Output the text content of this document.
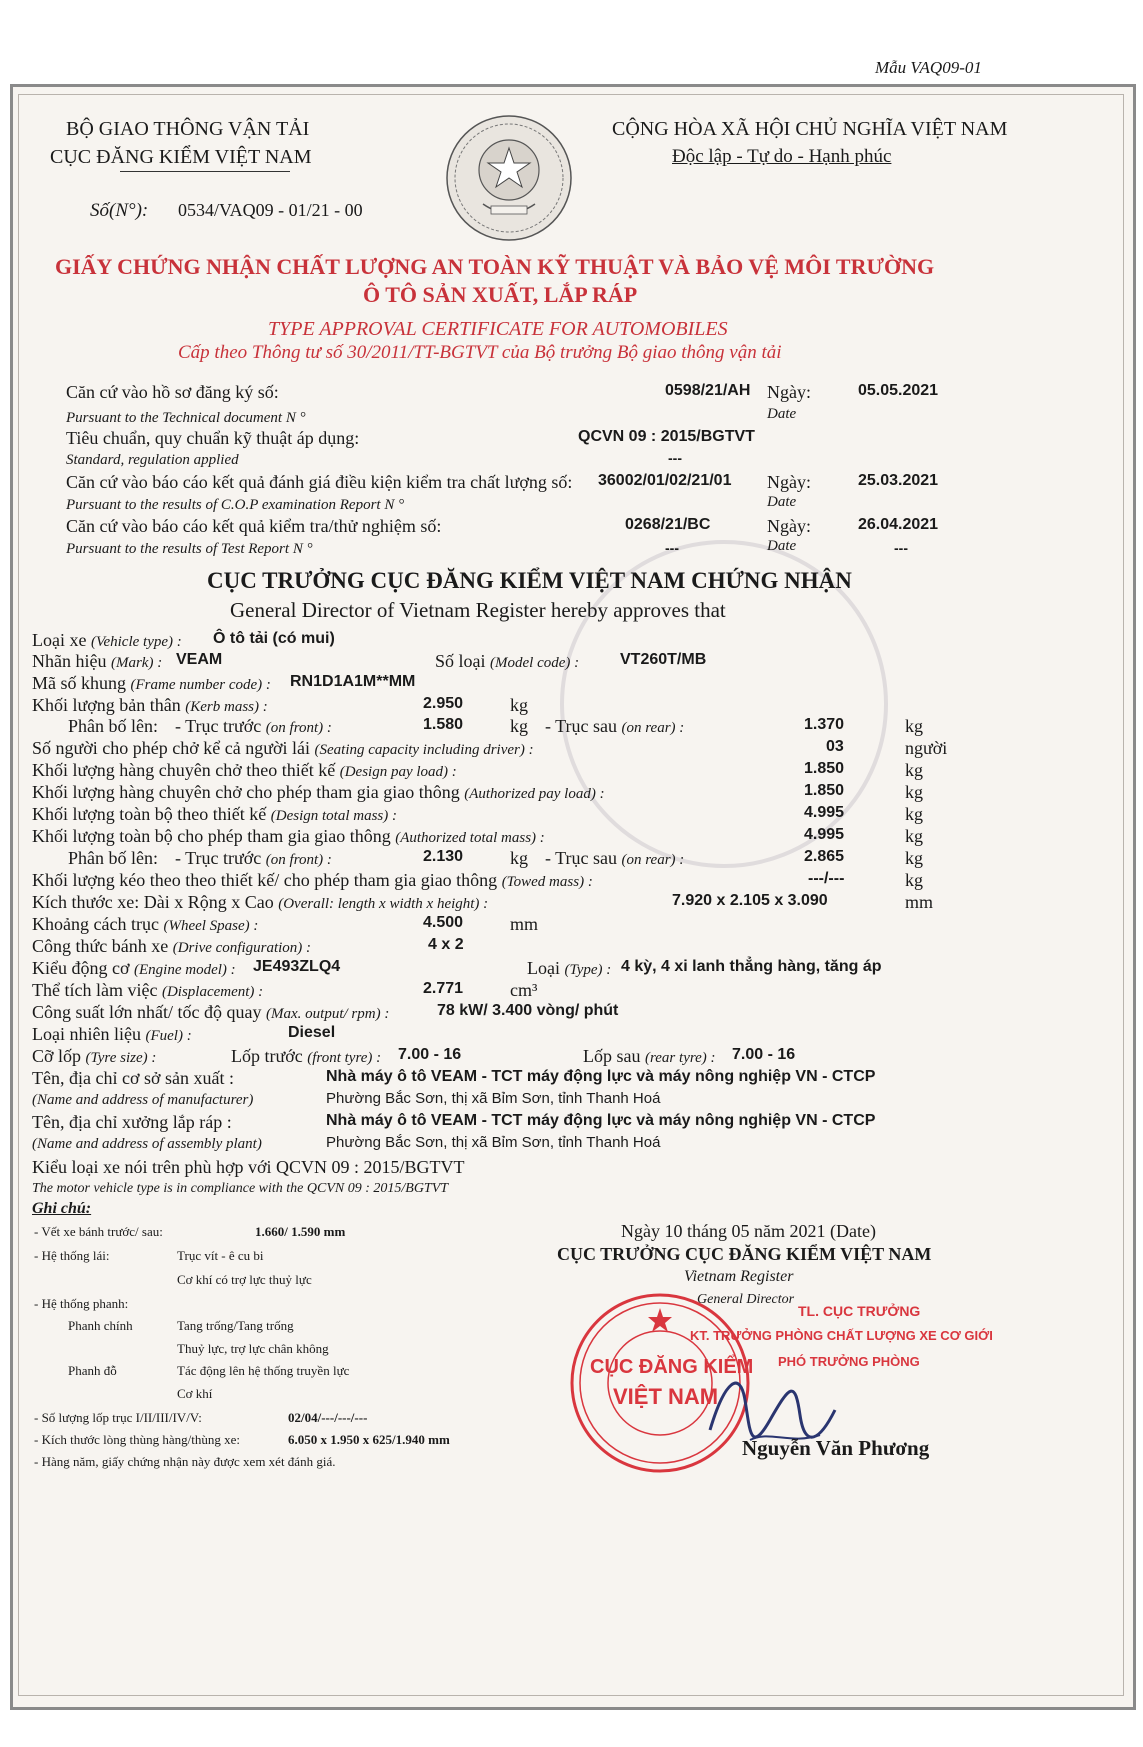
Mẫu VAQ09-01
BỘ GIAO THÔNG VẬN TẢI
CỤC ĐĂNG KIỂM VIỆT NAM
CỘNG HÒA XÃ HỘI CHỦ NGHĨA VIỆT NAM
Độc lập - Tự do - Hạnh phúc
Số(N°): 0534/VAQ09 - 01/21 - 00
GIẤY CHỨNG NHẬN CHẤT LƯỢNG AN TOÀN KỸ THUẬT VÀ BẢO VỆ MÔI TRƯỜNG
Ô TÔ SẢN XUẤT, LẮP RÁP
TYPE APPROVAL CERTIFICATE FOR AUTOMOBILES
Cấp theo Thông tư số 30/2011/TT-BGTVT của Bộ trưởng Bộ giao thông vận tải
Căn cứ vào hồ sơ đăng ký số:	0598/21/AH Ngày:	05.05.2021
Pursuant to the Technical document N °	Date
Tiêu chuẩn, quy chuẩn kỹ thuật áp dụng:	QCVN 09 : 2015/BGTVT
Standard, regulation applied	---
Căn cứ vào báo cáo kết quả đánh giá điều kiện kiểm tra chất lượng số: 36002/01/02/21/01 Ngày:	25.03.2021
Pursuant to the results of C.O.P examination Report N °	Date
Căn cứ vào báo cáo kết quả kiểm tra/thử nghiệm số:	0268/21/BC	Ngày:	26.04.2021
Pursuant to the results of Test Report N °	---	Date	---
CỤC TRƯỞNG CỤC ĐĂNG KIỂM VIỆT NAM CHỨNG NHẬN
General Director of Vietnam Register hereby approves that
Loại xe (Vehicle type) : Ô tô tải (có mui)
Nhãn hiệu (Mark) : VEAM	Số loại (Model code) :	VT260T/MB
Mã số khung (Frame number code) : RN1D1A1M**MM
Khối lượng bản thân (Kerb mass) :	2.950	kg
Phân bố lên: - Trục trước (on front) :	1.580	kg - Trục sau (on rear) :	1.370	kg
Số người cho phép chở kể cả người lái (Seating capacity including driver) :	03	người
Khối lượng hàng chuyên chở theo thiết kế (Design pay load) :	1.850	kg
Khối lượng hàng chuyên chở cho phép tham gia giao thông (Authorized pay load) :	1.850	kg
Khối lượng toàn bộ theo thiết kế (Design total mass) :	4.995	kg
Khối lượng toàn bộ cho phép tham gia giao thông (Authorized total mass) :	4.995	kg
Phân bố lên: - Trục trước (on front) :	2.130	kg - Trục sau (on rear) :	2.865	kg
Khối lượng kéo theo theo thiết kế/ cho phép tham gia giao thông (Towed mass) :	---/---	kg
Kích thước xe: Dài x Rộng x Cao (Overall: length x width x height) :	7.920 x 2.105 x 3.090	mm
Khoảng cách trục (Wheel Spase) :	4.500	mm
Công thức bánh xe (Drive configuration) :	4 x 2
Kiểu động cơ (Engine model) : JE493ZLQ4	Loại (Type) : 4 kỳ, 4 xi lanh thẳng hàng, tăng áp
Thể tích làm việc (Displacement) :	2.771	cm³
Công suất lớn nhất/ tốc độ quay (Max. output/ rpm) :	78 kW/ 3.400 vòng/ phút
Loại nhiên liệu (Fuel) :	Diesel
Cỡ lốp (Tyre size) :	Lốp trước (front tyre) : 7.00 - 16	Lốp sau (rear tyre) : 7.00 - 16
Tên, địa chỉ cơ sở sản xuất :	Nhà máy ô tô VEAM - TCT máy động lực và máy nông nghiệp VN - CTCP
(Name and address of manufacturer)	Phường Bắc Sơn, thị xã Bỉm Sơn, tỉnh Thanh Hoá
Tên, địa chỉ xưởng lắp ráp :	Nhà máy ô tô VEAM - TCT máy động lực và máy nông nghiệp VN - CTCP
(Name and address of assembly plant)	Phường Bắc Sơn, thị xã Bỉm Sơn, tỉnh Thanh Hoá
Kiểu loại xe nói trên phù hợp với QCVN 09 : 2015/BGTVT
The motor vehicle type is in compliance with the QCVN 09 : 2015/BGTVT
Ghi chú:
- Vết xe bánh trước/ sau:	1.660/ 1.590 mm
- Hệ thống lái:	Trục vít - ê cu bi
Cơ khí có trợ lực thuỷ lực
- Hệ thống phanh:
Phanh chính	Tang trống/Tang trống
Thuỷ lực, trợ lực chân không
Phanh đỗ	Tác động lên hệ thống truyền lực
Cơ khí
- Số lượng lốp trục I/II/III/IV/V:	02/04/---/---/---
- Kích thước lòng thùng hàng/thùng xe:	6.050 x 1.950 x 625/1.940 mm
- Hàng năm, giấy chứng nhận này được xem xét đánh giá.
Ngày 10 tháng 05 năm 2021 (Date)
CỤC TRƯỞNG CỤC ĐĂNG KIỂM VIỆT NAM
Vietnam Register
General Director
TL. CỤC TRƯỞNG
KT. TRƯỞNG PHÒNG CHẤT LƯỢNG XE CƠ GIỚI
PHÓ TRƯỞNG PHÒNG
CỤC ĐĂNG KIỂM
VIỆT NAM
Nguyễn Văn Phương
